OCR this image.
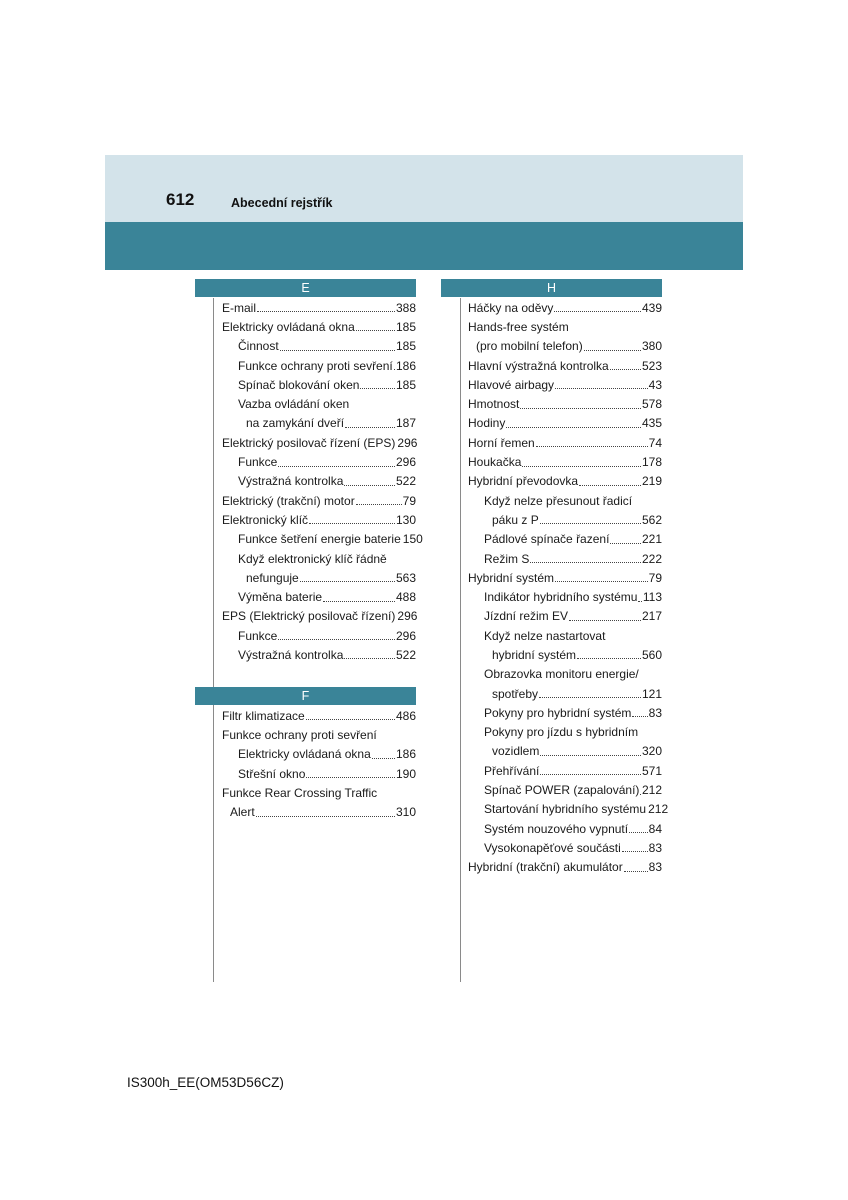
612	Abecední rejstřík
E
E-mail	388
Elektricky ovládaná okna	185
Činnost	185
Funkce ochrany proti sevření 186
Spínač blokování oken	185
Vazba ovládání oken
na zamykání dveří	187
Elektrický posilovač řízení (EPS) 296
Funkce	296
Výstražná kontrolka	522
Elektrický (trakční) motor	79
Elektronický klíč	130
Funkce šetření energie baterie 150
Když elektronický klíč řádně
nefunguje	563
Výměna baterie	488
EPS (Elektrický posilovač řízení) 296
Funkce	296
Výstražná kontrolka	522
F
Filtr klimatizace	486
Funkce ochrany proti sevření
Elektricky ovládaná okna 186
Střešní okno	190
Funkce Rear Crossing Traffic
Alert	310
H
Háčky na oděvy	439
Hands-free systém
(pro mobilní telefon)	380
Hlavní výstražná kontrolka	523
Hlavové airbagy	43
Hmotnost	578
Hodiny	435
Horní řemen	74
Houkačka	178
Hybridní převodovka	219
Když nelze přesunout řadicí
páku z P	562
Pádlové spínače řazení	221
Režim S	222
Hybridní systém	79
Indikátor hybridního systému 113
Jízdní režim EV	217
Když nelze nastartovat
hybridní systém	560
Obrazovka monitoru energie/
spotřeby	121
Pokyny pro hybridní systém 83
Pokyny pro jízdu s hybridním
vozidlem	320
Přehřívání	571
Spínač POWER (zapalování) 212
Startování hybridního systému 212
Systém nouzového vypnutí 84
Vysokonapěťové součásti 83
Hybridní (trakční) akumulátor 83
IS300h_EE(OM53D56CZ)
